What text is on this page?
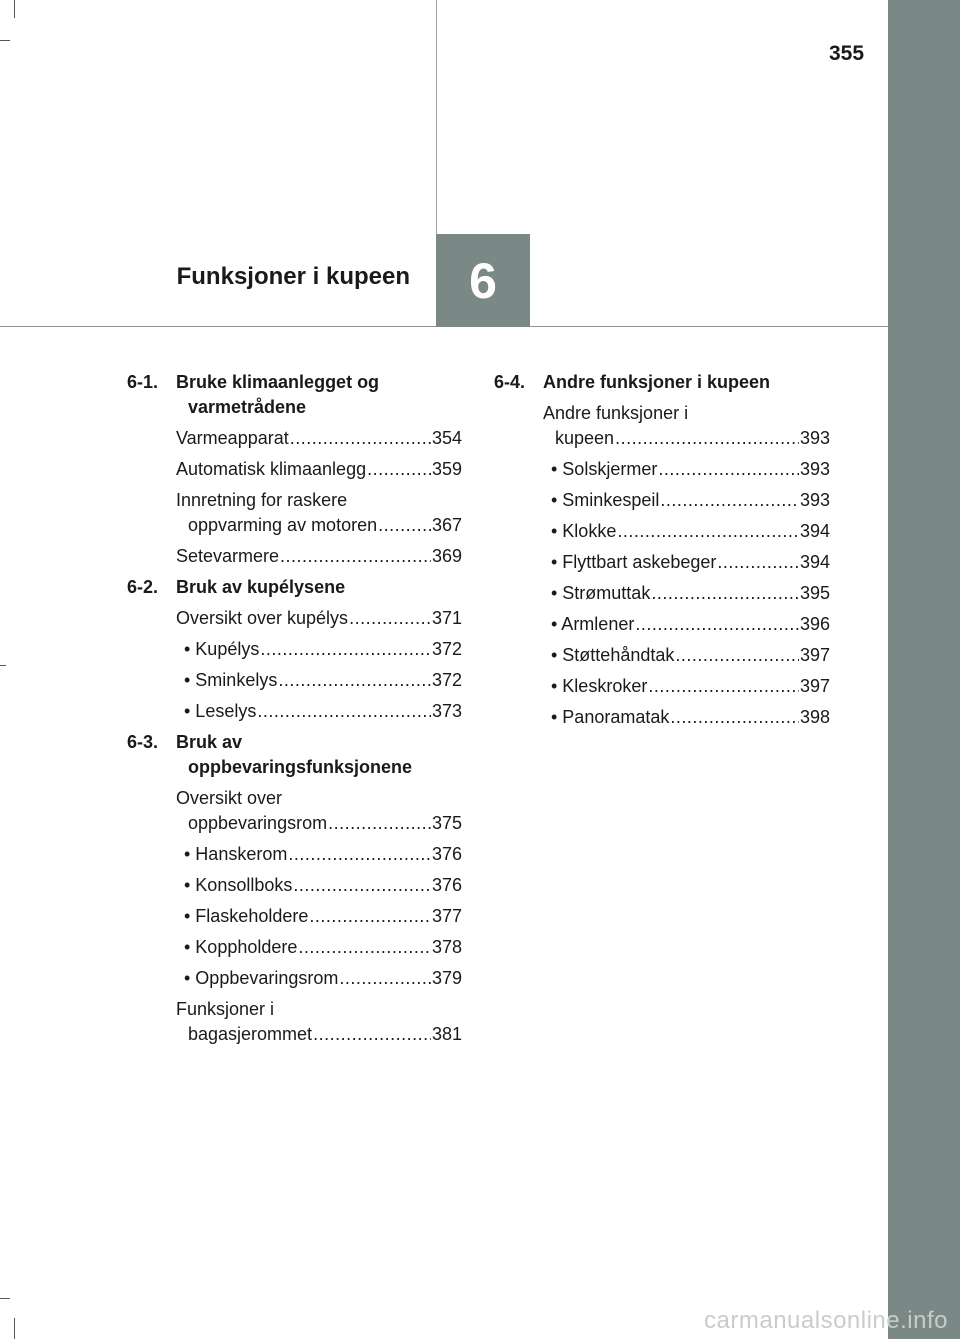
355
Funksjoner i kupeen 6
6-1. Bruke klimaanlegget og varmetrådene
Varmeapparat .....	354
Automatisk klimaanlegg .....	359
Innretning for raskere
oppvarming av motoren .....	367
Setevarmere .....	369
6-2. Bruk av kupélysene
Oversikt over kupélys .....	371
• Kupélys .....	372
• Sminkelys .....	372
• Leselys .....	373
6-3. Bruk av oppbevaringsfunksjonene
Oversikt over
oppbevaringsrom .....	375
• Hanskerom .....	376
• Konsollboks .....	376
• Flaskeholdere .....	377
• Koppholdere .....	378
• Oppbevaringsrom .....	379
Funksjoner i
bagasjerommet .....	381
6-4. Andre funksjoner i kupeen
Andre funksjoner i
kupeen .....	393
• Solskjermer .....	393
• Sminkespeil .....	393
• Klokke .....	394
• Flyttbart askebeger .....	394
• Strømuttak .....	395
• Armlener .....	396
• Støttehåndtak .....	397
• Kleskroker .....	397
• Panoramatak .....	398
carmanualsonline.info
